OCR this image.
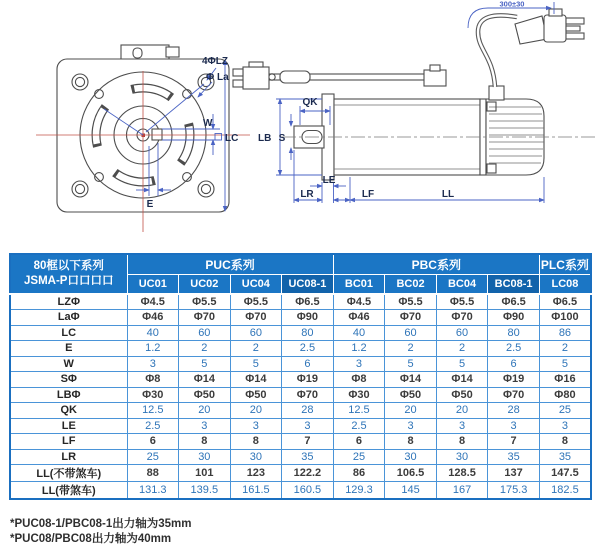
4ΦLZ
Φ La
W
LC
E
300±30
LB
QK
S
LE
LR	LF	LL
80框以下系列
JSMA-P口口口口	PUC系列				PBC系列				PLC系列
	UC01	UC02	UC04	UC08-1	BC01	BC02	BC04	BC08-1	LC08
LZΦ	Φ4.5	Φ5.5	Φ5.5	Φ6.5	Φ4.5	Φ5.5	Φ5.5	Φ6.5	Φ6.5
LaΦ	Φ46	Φ70	Φ70	Φ90	Φ46	Φ70	Φ70	Φ90	Φ100
LC	40	60	60	80	40	60	60	80	86
E	1.2	2	2	2.5	1.2	2	2	2.5	2
W	3	5	5	6	3	5	5	6	5
SΦ	Φ8	Φ14	Φ14	Φ19	Φ8	Φ14	Φ14	Φ19	Φ16
LBΦ	Φ30	Φ50	Φ50	Φ70	Φ30	Φ50	Φ50	Φ70	Φ80
QK	12.5	20	20	28	12.5	20	20	28	25
LE	2.5	3	3	3	2.5	3	3	3	3
LF	6	8	8	7	6	8	8	7	8
LR	25	30	30	35	25	30	30	35	35
LL(不带煞车)	88	101	123	122.2	86	106.5	128.5	137	147.5
LL(带煞车)	131.3	139.5	161.5	160.5	129.3	145	167	175.3	182.5
*PUC08-1/PBC08-1出力轴为35mm
*PUC08/PBC08出力轴为40mm
